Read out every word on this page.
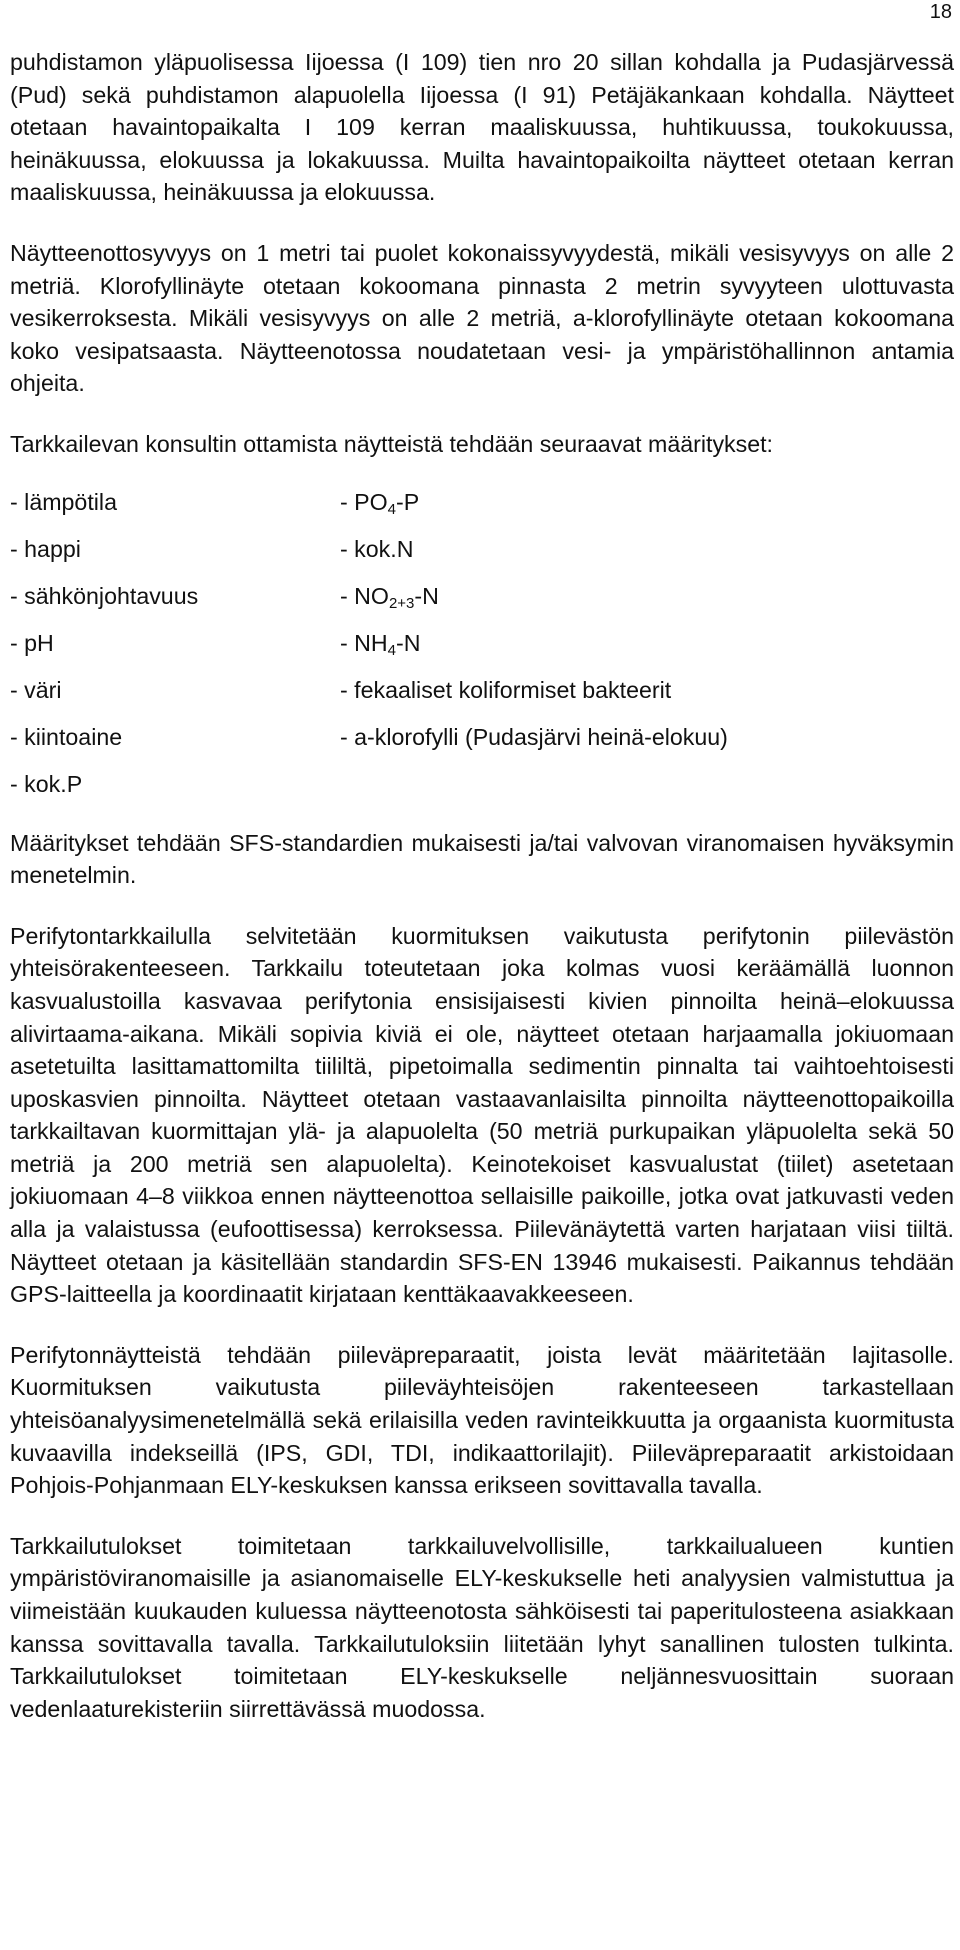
18

puhdistamon yläpuolisessa Iijoessa (I 109) tien nro 20 sillan kohdalla ja Pudasjärvessä (Pud) sekä puhdistamon alapuolella Iijoessa (I 91) Petäjäkankaan kohdalla. Näytteet otetaan havaintopaikalta I 109 kerran maaliskuussa, huhtikuussa, toukokuussa, heinäkuussa, elokuussa ja lokakuussa. Muilta havaintopaikoilta näytteet otetaan kerran maaliskuussa, heinäkuussa ja elokuussa.

Näytteenottosyvyys on 1 metri tai puolet kokonaissyvyydestä, mikäli vesisyvyys on alle 2 metriä. Klorofyllinäyte otetaan kokoomana pinnasta 2 metrin syvyyteen ulottuvasta vesikerroksesta. Mikäli vesisyvyys on alle 2 metriä, a-klorofyllinäyte otetaan kokoomana koko vesipatsaasta. Näytteenotossa noudatetaan vesi- ja ympäristöhallinnon antamia ohjeita.

Tarkkailevan konsultin ottamista näytteistä tehdään seuraavat määritykset:

- lämpötila	- $PO_4-P$
- happi	- kok.N
- sähkönjohtavuus	- $NO_{2+3}-N$
- pH	- $NH_4-N$
- väri	- fekaaliset koliformiset bakteerit
- kiintoaine	- a-klorofylli (Pudasjärvi heinä-elokuu)
- kok.P

Määritykset tehdään SFS-standardien mukaisesti ja/tai valvovan viranomaisen hyväksymin menetelmin.

Perifytontarkkailulla selvitetään kuormituksen vaikutusta perifytonin piilevästön yhteisörakenteeseen. Tarkkailu toteutetaan joka kolmas vuosi keräämällä luonnon kasvualustoilla kasvavaa perifytonia ensisijaisesti kivien pinnoilta heinä–elokuussa alivirtaama-aikana. Mikäli sopivia kiviä ei ole, näytteet otetaan harjaamalla jokiuomaan asetetuilta lasittamattomilta tiililtä, pipetoimalla sedimentin pinnalta tai vaihtoehtoisesti uposkasvien pinnoilta. Näytteet otetaan vastaavanlaisilta pinnoilta näytteenottopaikoilla tarkkailtavan kuormittajan ylä- ja alapuolelta (50 metriä purkupaikan yläpuolelta sekä 50 metriä ja 200 metriä sen alapuolelta). Keinotekoiset kasvualustat (tiilet) asetetaan jokiuomaan 4–8 viikkoa ennen näytteenottoa sellaisille paikoille, jotka ovat jatkuvasti veden alla ja valaistussa (eufoottisessa) kerroksessa. Piilevänäytettä varten harjataan viisi tiiltä. Näytteet otetaan ja käsitellään standardin SFS-EN 13946 mukaisesti. Paikannus tehdään GPS-laitteella ja koordinaatit kirjataan kenttäkaavakkeeseen.

Perifytonnäytteistä tehdään piileväpreparaatit, joista levät määritetään lajitasolle. Kuormituksen vaikutusta piileväyhteisöjen rakenteeseen tarkastellaan yhteisöanalyysimenetelmällä sekä erilaisilla veden ravinteikkuutta ja orgaanista kuormitusta kuvaavilla indekseillä (IPS, GDI, TDI, indikaattorilajit). Piileväpreparaatit arkistoidaan Pohjois-Pohjanmaan ELY-keskuksen kanssa erikseen sovittavalla tavalla.

Tarkkailutulokset toimitetaan tarkkailuvelvollisille, tarkkailualueen kuntien ympäristöviranomaisille ja asianomaiselle ELY-keskukselle heti analyysien valmistuttua ja viimeistään kuukauden kuluessa näytteenotosta sähköisesti tai paperitulosteena asiakkaan kanssa sovittavalla tavalla. Tarkkailutuloksiin liitetään lyhyt sanallinen tulosten tulkinta. Tarkkailutulokset toimitetaan ELY-keskukselle neljännesvuosittain suoraan vedenlaaturekisteriin siirrettävässä muodossa.
